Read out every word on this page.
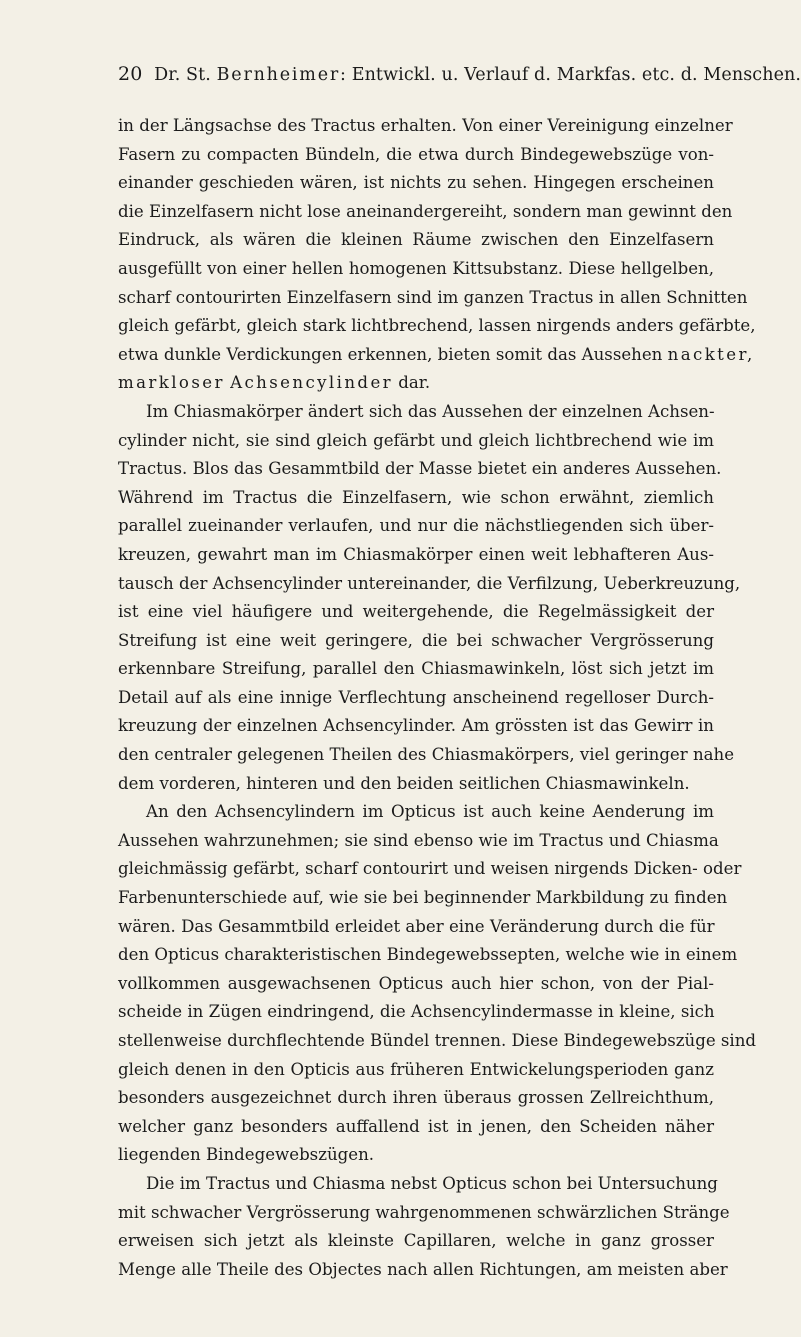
20 Dr. St. Bernheimer: Entwickl. u. Verlauf d. Markfas. etc. d. Menschen.
in der Längsachse des Tractus erhalten. Von einer Vereinigung einzelner
Fasern zu compacten Bündeln, die etwa durch Bindegewebszüge von-
einander geschieden wären, ist nichts zu sehen. Hingegen erscheinen
die Einzelfasern nicht lose aneinandergereiht, sondern man gewinnt den
Eindruck, als wären die kleinen Räume zwischen den Einzelfasern
ausgefüllt von einer hellen homogenen Kittsubstanz. Diese hellgelben,
scharf contourirten Einzelfasern sind im ganzen Tractus in allen Schnitten
gleich gefärbt, gleich stark lichtbrechend, lassen nirgends anders gefärbte,
etwa dunkle Verdickungen erkennen, bieten somit das Aussehen nackter,
markloser Achsencylinder dar.
Im Chiasmakörper ändert sich das Aussehen der einzelnen Achsen-
cylinder nicht, sie sind gleich gefärbt und gleich lichtbrechend wie im
Tractus. Blos das Gesammtbild der Masse bietet ein anderes Aussehen.
Während im Tractus die Einzelfasern, wie schon erwähnt, ziemlich
parallel zueinander verlaufen, und nur die nächstliegenden sich über-
kreuzen, gewahrt man im Chiasmakörper einen weit lebhafteren Aus-
tausch der Achsencylinder untereinander, die Verfilzung, Ueberkreuzung,
ist eine viel häufigere und weitergehende, die Regelmässigkeit der
Streifung ist eine weit geringere, die bei schwacher Vergrösserung
erkennbare Streifung, parallel den Chiasmawinkeln, löst sich jetzt im
Detail auf als eine innige Verflechtung anscheinend regelloser Durch-
kreuzung der einzelnen Achsencylinder. Am grössten ist das Gewirr in
den centraler gelegenen Theilen des Chiasmakörpers, viel geringer nahe
dem vorderen, hinteren und den beiden seitlichen Chiasmawinkeln.
An den Achsencylindern im Opticus ist auch keine Aenderung im
Aussehen wahrzunehmen; sie sind ebenso wie im Tractus und Chiasma
gleichmässig gefärbt, scharf contourirt und weisen nirgends Dicken- oder
Farbenunterschiede auf, wie sie bei beginnender Markbildung zu finden
wären. Das Gesammtbild erleidet aber eine Veränderung durch die für
den Opticus charakteristischen Bindegewebssepten, welche wie in einem
vollkommen ausgewachsenen Opticus auch hier schon, von der Pial-
scheide in Zügen eindringend, die Achsencylindermasse in kleine, sich
stellenweise durchflechtende Bündel trennen. Diese Bindegewebszüge sind
gleich denen in den Opticis aus früheren Entwickelungsperioden ganz
besonders ausgezeichnet durch ihren überaus grossen Zellreichthum,
welcher ganz besonders auffallend ist in jenen, den Scheiden näher
liegenden Bindegewebszügen.
Die im Tractus und Chiasma nebst Opticus schon bei Untersuchung
mit schwacher Vergrösserung wahrgenommenen schwärzlichen Stränge
erweisen sich jetzt als kleinste Capillaren, welche in ganz grosser
Menge alle Theile des Objectes nach allen Richtungen, am meisten aber
